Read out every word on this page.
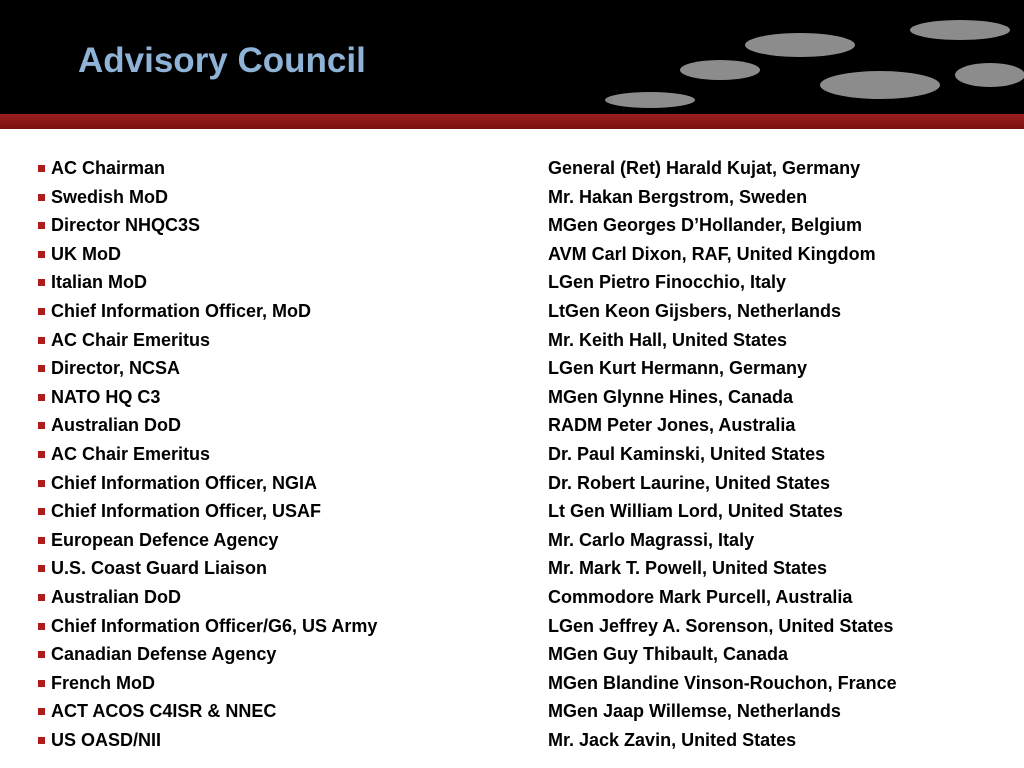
Advisory Council
AC Chairman	General (Ret) Harald Kujat, Germany
Swedish MoD	Mr. Hakan Bergstrom, Sweden
Director NHQC3S	MGen Georges D’Hollander, Belgium
UK MoD	AVM Carl Dixon, RAF, United Kingdom
Italian MoD	LGen Pietro Finocchio, Italy
Chief Information Officer, MoD	LtGen Keon Gijsbers, Netherlands
AC Chair Emeritus	Mr. Keith Hall, United States
Director, NCSA	LGen Kurt Hermann, Germany
NATO HQ C3	MGen Glynne Hines, Canada
Australian DoD	RADM Peter Jones, Australia
AC Chair Emeritus	Dr. Paul Kaminski, United States
Chief Information Officer, NGIA	Dr. Robert Laurine, United States
Chief Information Officer, USAF	Lt Gen William Lord, United States
European Defence Agency	Mr. Carlo Magrassi, Italy
U.S. Coast Guard Liaison	Mr. Mark T. Powell, United States
Australian DoD	Commodore Mark Purcell, Australia
Chief Information Officer/G6, US Army	LGen Jeffrey A. Sorenson, United States
Canadian Defense Agency	MGen Guy Thibault, Canada
French MoD	MGen Blandine Vinson-Rouchon, France
ACT ACOS C4ISR & NNEC	MGen Jaap Willemse, Netherlands
US OASD/NII	Mr. Jack Zavin, United States
